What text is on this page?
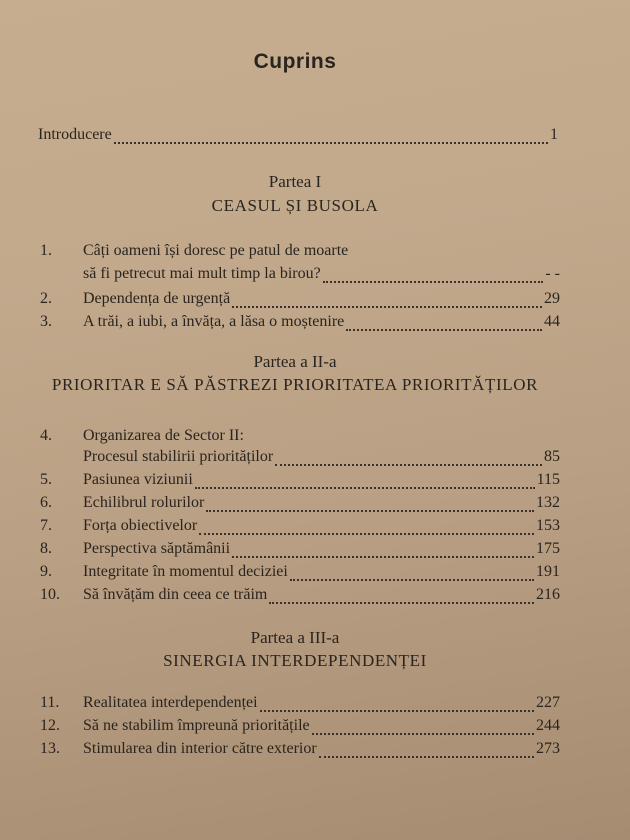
Cuprins
Introducere	1
Partea I
CEASUL ȘI BUSOLA
1. Câți oameni își doresc pe patul de moarte
să fi petrecut mai mult timp la birou?	- -
2.	Dependența de urgență	29
3.	A trăi, a iubi, a învăța, a lăsa o moștenire	44
Partea a II-a
PRIORITAR E SĂ PĂSTREZI PRIORITATEA PRIORITĂȚILOR
4. Organizarea de Sector II:
Procesul stabilirii priorităților	85
5.	Pasiunea viziunii	115
6.	Echilibrul rolurilor	132
7.	Forța obiectivelor	153
8.	Perspectiva săptămânii	175
9.	Integritate în momentul deciziei	191
10.	Să învățăm din ceea ce trăim	216
Partea a III-a
SINERGIA INTERDEPENDENȚEI
11.	Realitatea interdependenței	227
12.	Să ne stabilim împreună prioritățile	244
13.	Stimularea din interior către exterior	273
